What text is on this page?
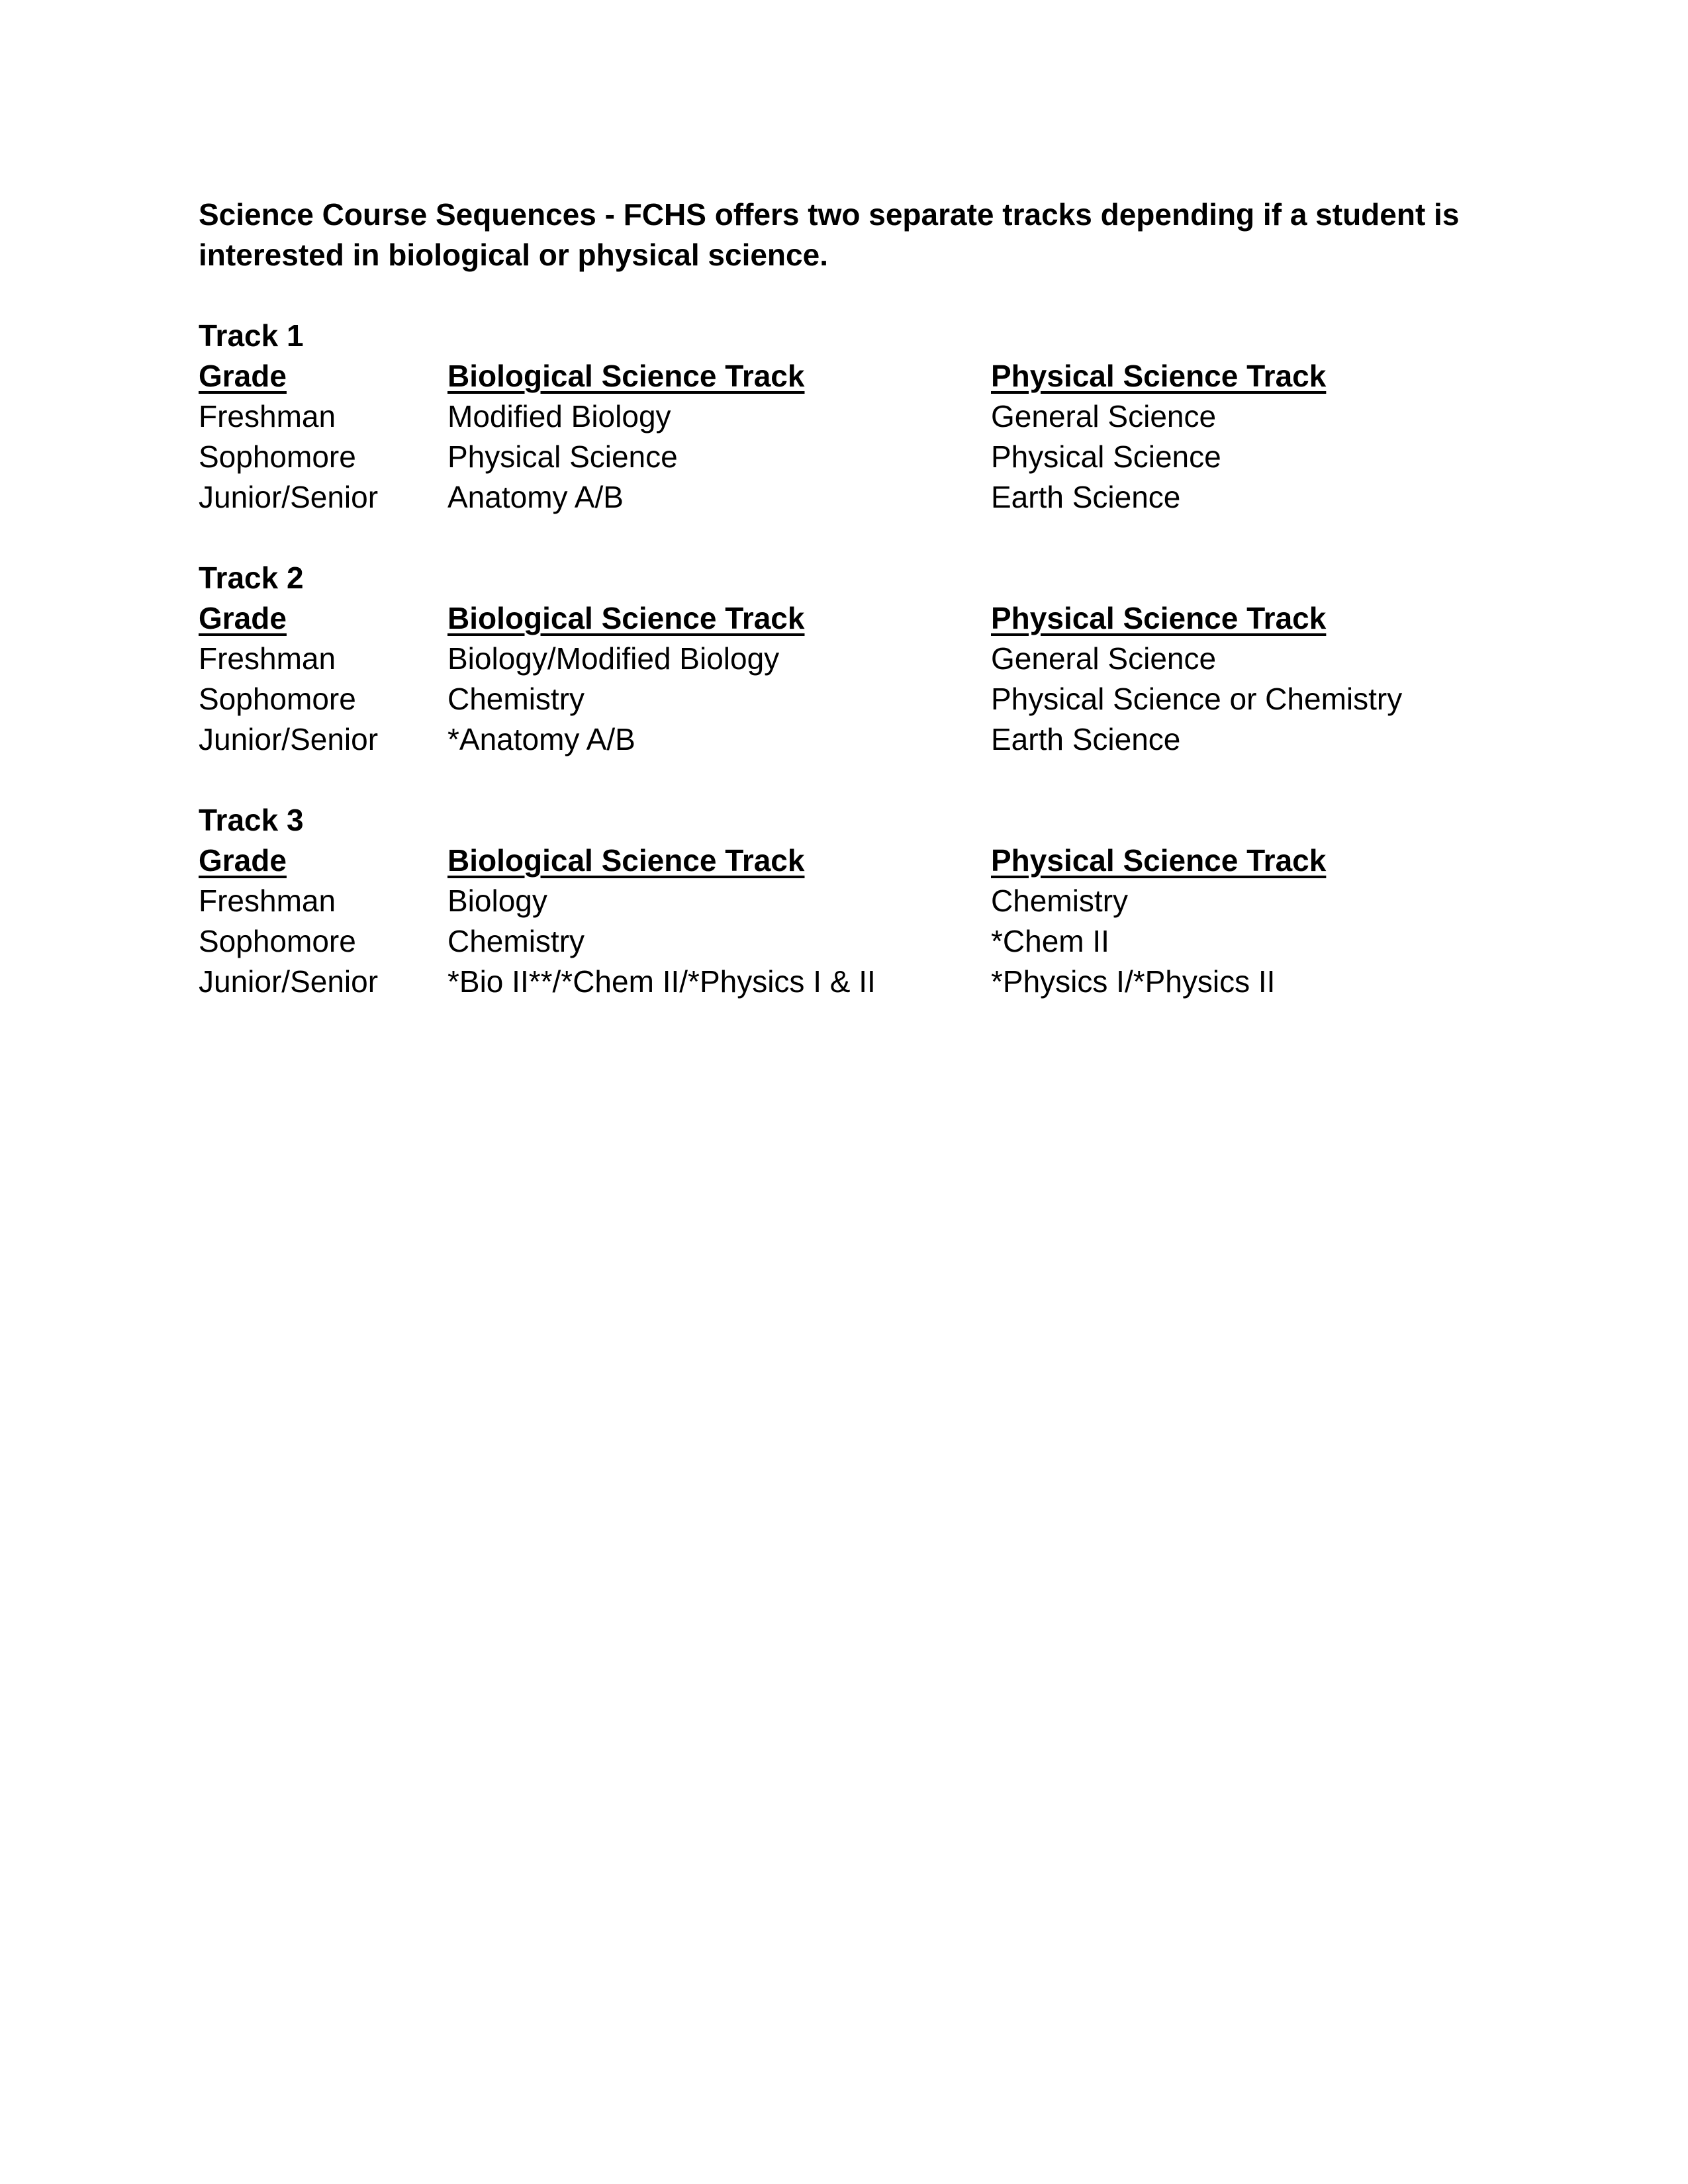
Science Course Sequences - FCHS offers two separate tracks depending if a student is interested in biological or physical science.

Track 1

Grade	Biological Science Track	Physical Science Track
Freshman	Modified Biology	General Science
Sophomore	Physical Science	Physical Science
Junior/Senior	Anatomy A/B	Earth Science

Track 2

Grade	Biological Science Track	Physical Science Track
Freshman	Biology/Modified Biology	General Science
Sophomore	Chemistry	Physical Science or Chemistry
Junior/Senior	*Anatomy A/B	Earth Science

Track 3

Grade	Biological Science Track	Physical Science Track
Freshman	Biology	Chemistry
Sophomore	Chemistry	*Chem II
Junior/Senior	*Bio II**/*Chem II/*Physics I & II	*Physics I/*Physics II
